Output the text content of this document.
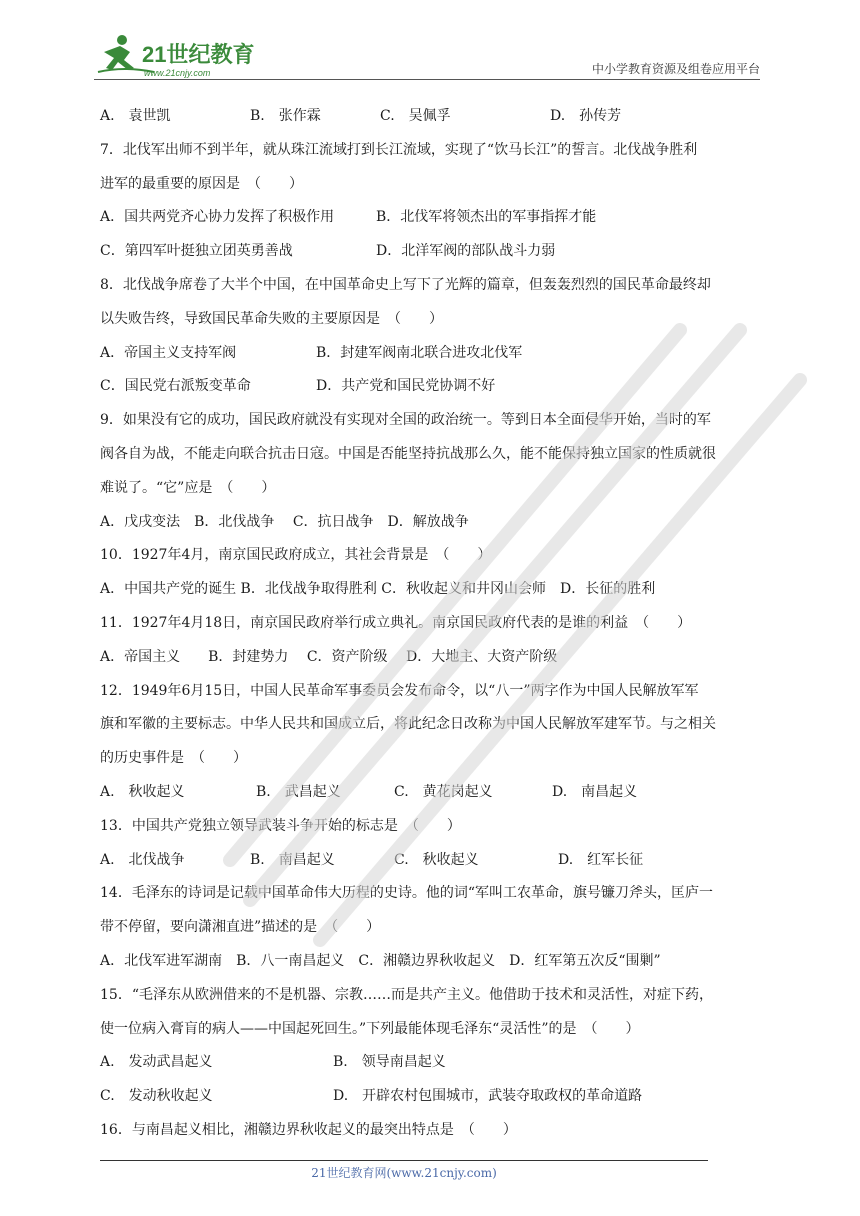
21世纪教育
www.21cnjy.com	中小学教育资源及组卷应用平台
A.　袁世凯	B.　张作霖	C.　吴佩孚	D.　孙传芳
7．北伐军出师不到半年，就从珠江流域打到长江流域，实现了“饮马长江”的誓言。北伐战争胜利
进军的最重要的原因是　（　　）
A．国共两党齐心协力发挥了积极作用	B．北伐军将领杰出的军事指挥才能
C．第四军叶挺独立团英勇善战	D．北洋军阀的部队战斗力弱
8．北伐战争席卷了大半个中国，在中国革命史上写下了光辉的篇章，但轰轰烈烈的国民革命最终却
以失败告终，导致国民革命失败的主要原因是　（　　）
A．帝国主义支持军阀	B．封建军阀南北联合进攻北伐军
C．国民党右派叛变革命	D．共产党和国民党协调不好
9．如果没有它的成功，国民政府就没有实现对全国的政治统一。等到日本全面侵华开始，当时的军
阀各自为战，不能走向联合抗击日寇。中国是否能坚持抗战那么久，能不能保持独立国家的性质就很
难说了。“它”应是　（　　）
A．戊戌变法　B．北伐战争　 C．抗日战争　D．解放战争
10．1927年4月，南京国民政府成立，其社会背景是　（　　）
A．中国共产党的诞生 B．北伐战争取得胜利 C．秋收起义和井冈山会师　D．长征的胜利
11．1927年4月18日，南京国民政府举行成立典礼。南京国民政府代表的是谁的利益　（　　）
A．帝国主义　　B．封建势力　 C．资产阶级　 D．大地主、大资产阶级
12．1949年6月15日，中国人民革命军事委员会发布命令，以“八一”两字作为中国人民解放军军
旗和军徽的主要标志。中华人民共和国成立后，将此纪念日改称为中国人民解放军建军节。与之相关
的历史事件是　（　　）
A.　秋收起义	B.　武昌起义	C.　黄花岗起义	D.　南昌起义
13．中国共产党独立领导武装斗争开始的标志是　（　　）
A.　北伐战争	B.　南昌起义	C.　秋收起义	D.　红军长征
14．毛泽东的诗词是记载中国革命伟大历程的史诗。他的词“军叫工农革命，旗号镰刀斧头，匡庐一
带不停留，要向潇湘直进”描述的是　（　　）
A．北伐军进军湖南　B．八一南昌起义　C．湘赣边界秋收起义　D．红军第五次反“围剿”
15．“毛泽东从欧洲借来的不是机器、宗教……而是共产主义。他借助于技术和灵活性，对症下药，
使一位病入膏肓的病人——中国起死回生。”下列最能体现毛泽东“灵活性”的是　（　　）
A.　发动武昌起义	B.　领导南昌起义
C.　发动秋收起义	D.　开辟农村包围城市，武装夺取政权的革命道路
16．与南昌起义相比，湘赣边界秋收起义的最突出特点是　（　　）
21世纪教育网(www.21cnjy.com)
